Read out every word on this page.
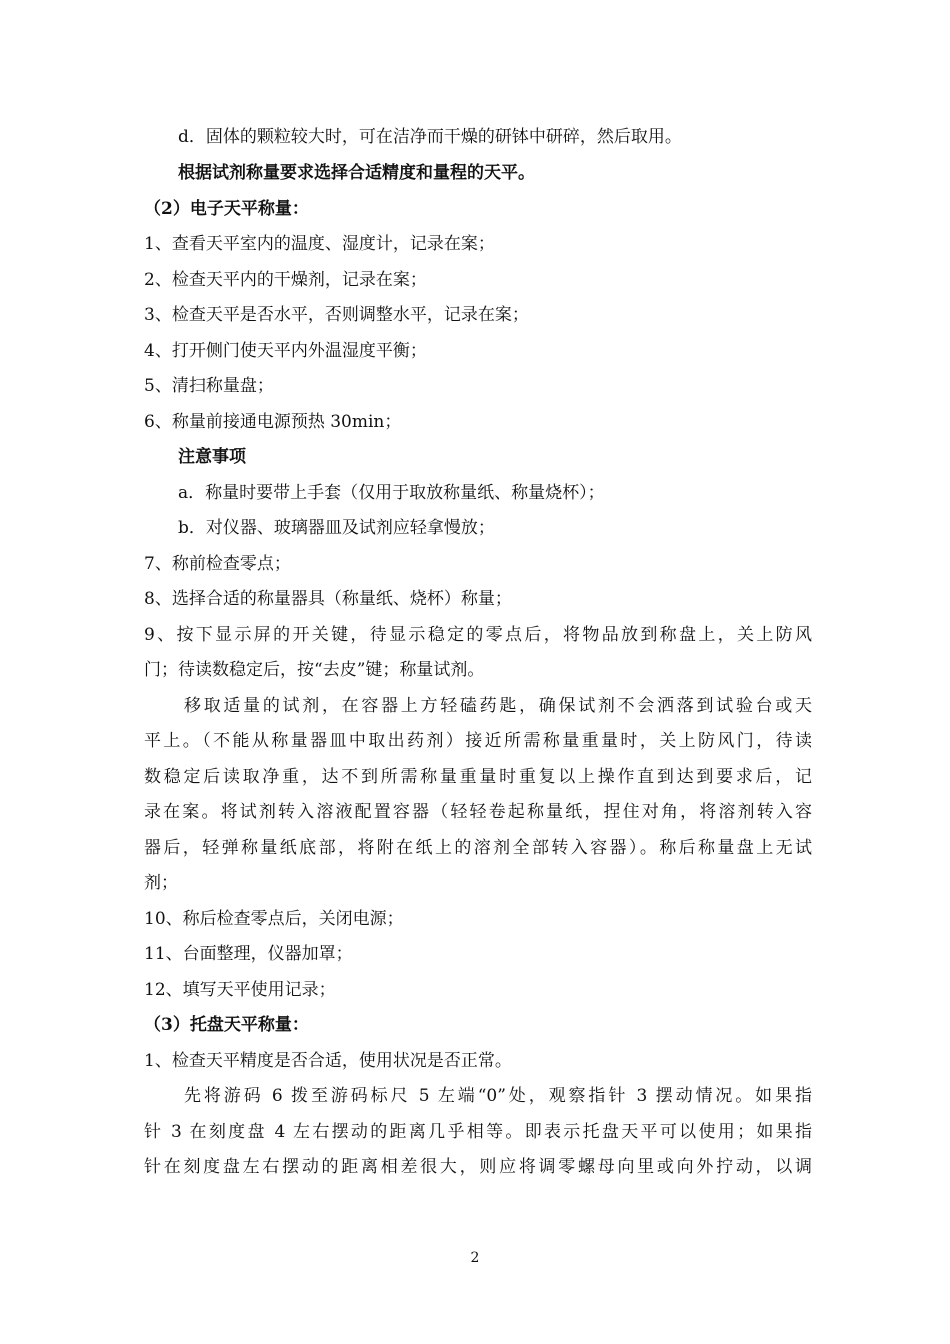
d．固体的颗粒较大时，可在洁净而干燥的研钵中研碎，然后取用。
根据试剂称量要求选择合适精度和量程的天平。
（2）电子天平称量：
1、查看天平室内的温度、湿度计，记录在案；
2、检查天平内的干燥剂，记录在案；
3、检查天平是否水平，否则调整水平，记录在案；
4、打开侧门使天平内外温湿度平衡；
5、清扫称量盘；
6、称量前接通电源预热 30min；
注意事项
a．称量时要带上手套（仅用于取放称量纸、称量烧杯）；
b．对仪器、玻璃器皿及试剂应轻拿慢放；
7、称前检查零点；
8、选择合适的称量器具（称量纸、烧杯）称量；
9、按下显示屏的开关键，待显示稳定的零点后，将物品放到称盘上，关上防风
门；待读数稳定后，按“去皮”键；称量试剂。
移取适量的试剂，在容器上方轻磕药匙，确保试剂不会洒落到试验台或天
平上。（不能从称量器皿中取出药剂）接近所需称量重量时，关上防风门，待读
数稳定后读取净重，达不到所需称量重量时重复以上操作直到达到要求后，记
录在案。将试剂转入溶液配置容器（轻轻卷起称量纸，捏住对角，将溶剂转入容
器后，轻弹称量纸底部，将附在纸上的溶剂全部转入容器）。称后称量盘上无试
剂；
10、称后检查零点后，关闭电源；
11、台面整理，仪器加罩；
12、填写天平使用记录；
（3）托盘天平称量：
1、检查天平精度是否合适，使用状况是否正常。
先将游码 6 拨至游码标尺 5 左端“0”处，观察指针 3 摆动情况。如果指
针 3 在刻度盘 4 左右摆动的距离几乎相等。即表示托盘天平可以使用；如果指
针在刻度盘左右摆动的距离相差很大，则应将调零螺母向里或向外拧动，以调
2
